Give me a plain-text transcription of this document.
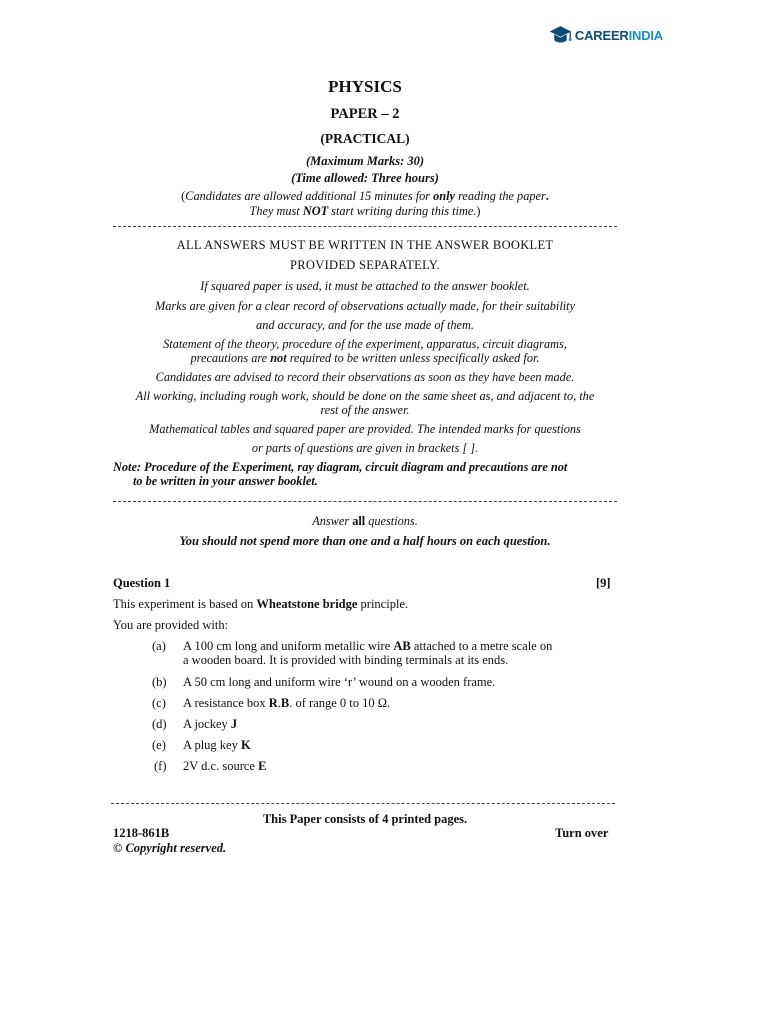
CAREERINDIA
PHYSICS
PAPER – 2
(PRACTICAL)
(Maximum Marks: 30)
(Time allowed: Three hours)
(Candidates are allowed additional 15 minutes for only reading the paper.
They must NOT start writing during this time.)
ALL ANSWERS MUST BE WRITTEN IN THE ANSWER BOOKLET
PROVIDED SEPARATELY.
If squared paper is used, it must be attached to the answer booklet.
Marks are given for a clear record of observations actually made, for their suitability
and accuracy, and for the use made of them.
Statement of the theory, procedure of the experiment, apparatus, circuit diagrams,
precautions are not required to be written unless specifically asked for.
Candidates are advised to record their observations as soon as they have been made.
All working, including rough work, should be done on the same sheet as, and adjacent to, the
rest of the answer.
Mathematical tables and squared paper are provided. The intended marks for questions
or parts of questions are given in brackets [ ].
Note: Procedure of the Experiment, ray diagram, circuit diagram and precautions are not
to be written in your answer booklet.
Answer all questions.
You should not spend more than one and a half hours on each question.
Question 1	[9]
This experiment is based on Wheatstone bridge principle.
You are provided with:
(a) A 100 cm long and uniform metallic wire AB attached to a metre scale on
a wooden board. It is provided with binding terminals at its ends.
(b) A 50 cm long and uniform wire ‘r’ wound on a wooden frame.
(c) A resistance box R.B. of range 0 to 10 Ω.
(d) A jockey J
(e) A plug key K
(f) 2V d.c. source E
This Paper consists of 4 printed pages.
1218-861B	Turn over
© Copyright reserved.
